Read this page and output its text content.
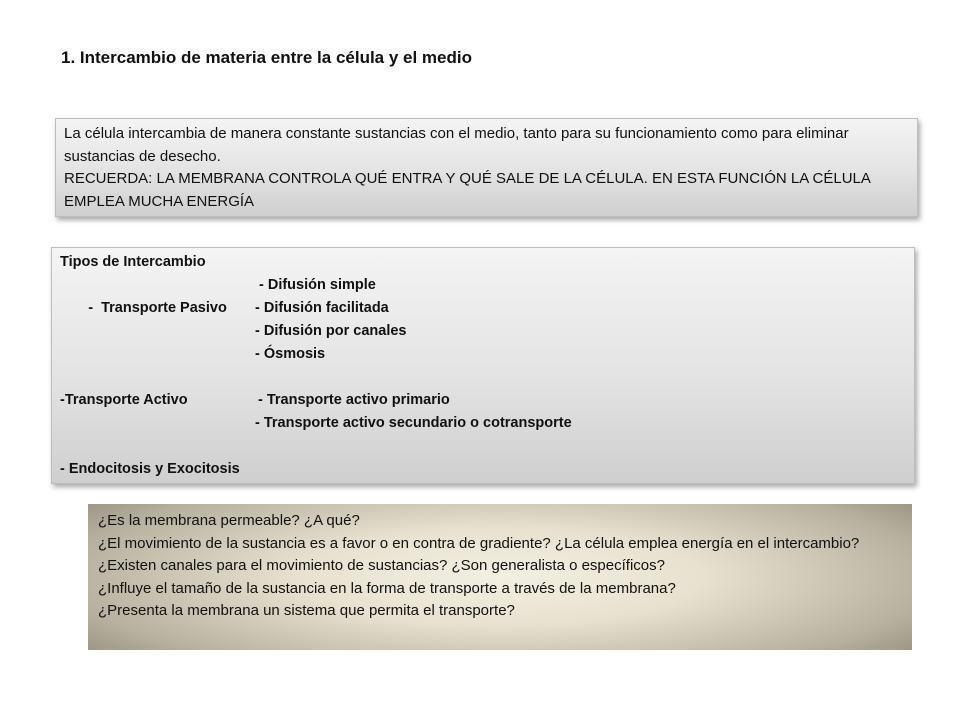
1. Intercambio de materia entre la célula y el medio

La célula intercambia de manera constante sustancias con el medio, tanto para su funcionamiento como para eliminar sustancias de desecho.

RECUERDA: LA MEMBRANA CONTROLA QUÉ ENTRA Y QUÉ SALE DE LA CÉLULA. EN ESTA FUNCIÓN LA CÉLULA EMPLEA MUCHA ENERGÍA

Tipos de Intercambio

-  Transporte Pasivo

- Difusión simple

- Difusión facilitada
- Difusión por canales
- Ósmosis
-Transporte Activo	- Transporte activo primario
- Transporte activo secundario o cotransporte
- Endocitosis y Exocitosis

¿Es la membrana permeable? ¿A qué?

¿El movimiento de la sustancia es a favor o en contra de gradiente? ¿La célula emplea energía en el intercambio?

¿Existen canales para el movimiento de sustancias? ¿Son generalista o específicos?

¿Influye el tamaño de la sustancia en la forma de transporte a través de la membrana?

¿Presenta la membrana un sistema que permita el transporte?
